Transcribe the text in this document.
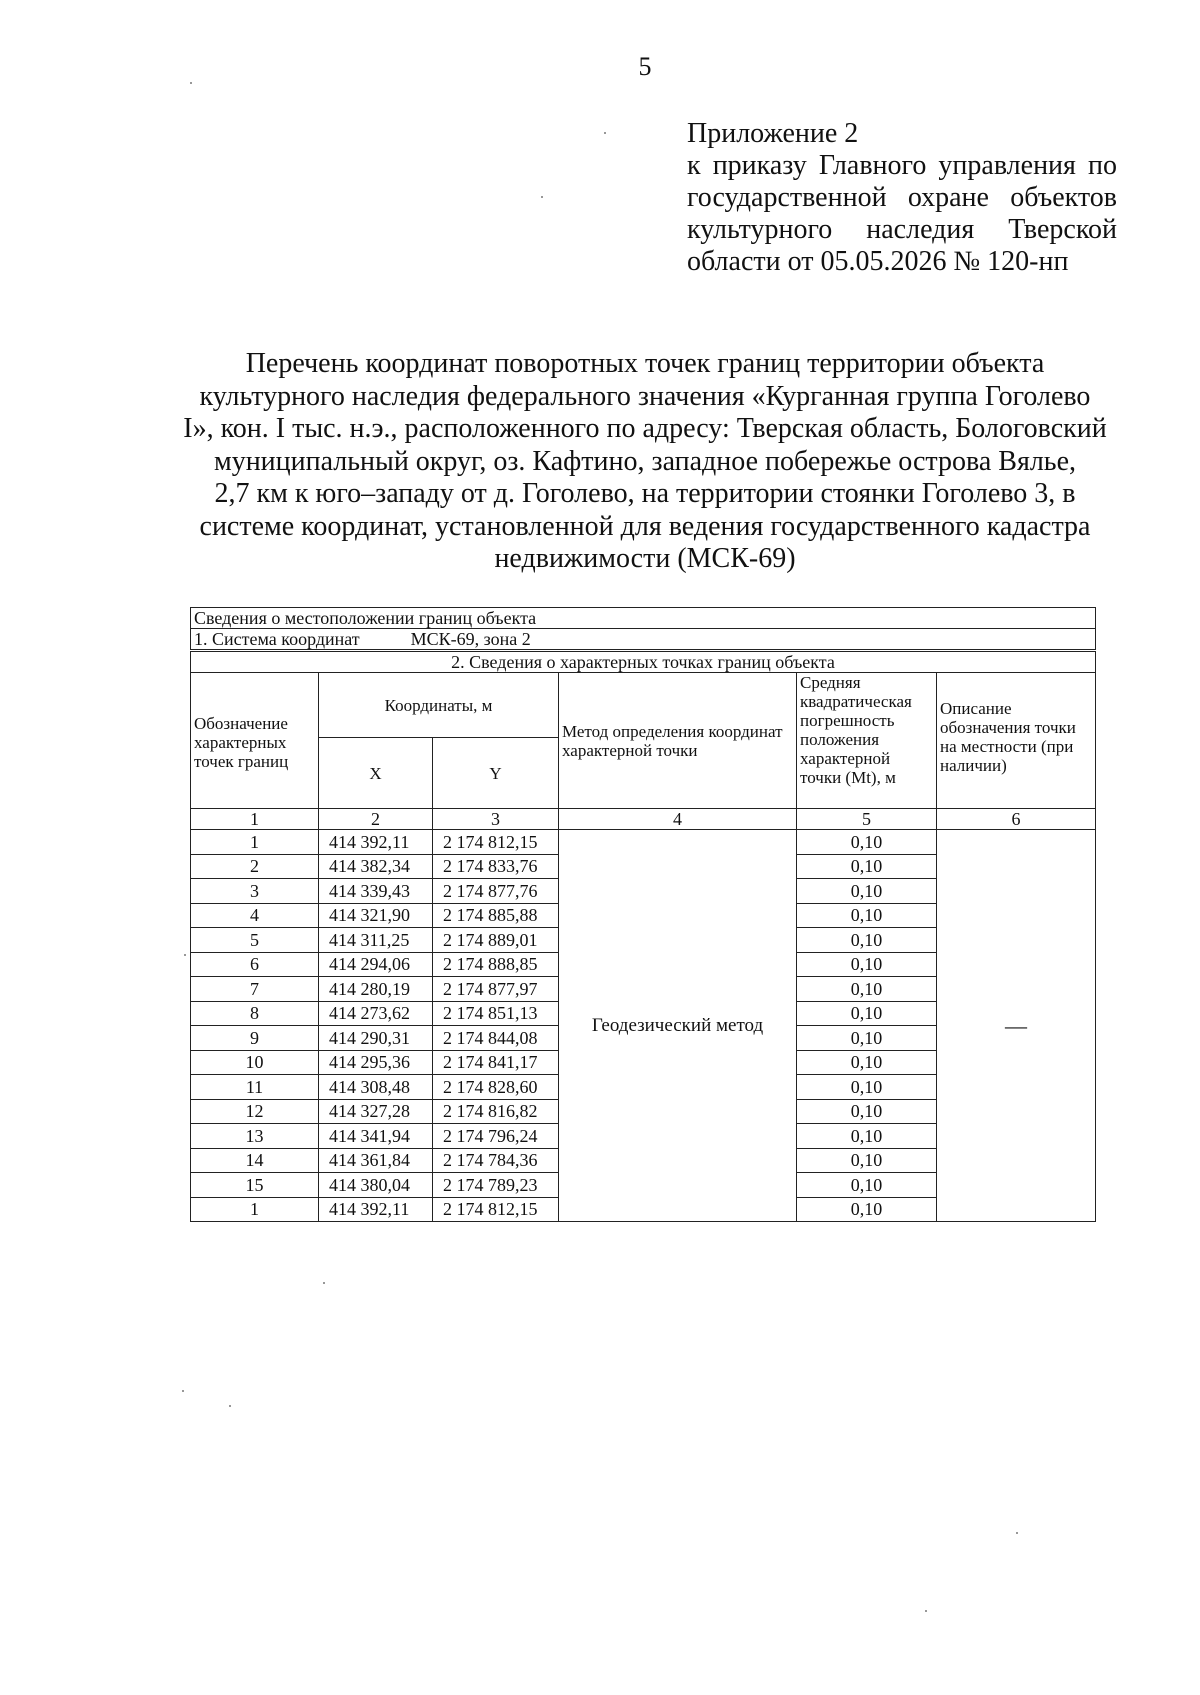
5
Приложение 2
к приказу Главного управления по
государственной охране объектов
культурного наследия Тверской
области от 05.05.2026 № 120-нп
Перечень координат поворотных точек границ территории объекта
культурного наследия федерального значения «Курганная группа Гоголево
I», кон. I тыс. н.э., расположенного по адресу: Тверская область, Бологовский
муниципальный округ, оз. Кафтино, западное побережье острова Вялье,
2,7 км к юго–западу от д. Гоголево, на территории стоянки Гоголево 3, в
системе координат, установленной для ведения государственного кадастра
недвижимости (МСК-69)
Сведения о местоположении границ объекта					
1. Система координат МСК-69, зона 2					
2. Сведения о характерных точках границ объекта					
Обозначение характерных точек границ	Координаты, м		Метод определения координат характерной точки	Средняя квадратическая погрешность положения характерной точки (Mt), м	Описание обозначения точки на местности (при наличии)
	X	Y			
1	2	3	4	5	6
1	414 392,11	2 174 812,15	Геодезический метод	0,10	—
2	414 382,34	2 174 833,76		0,10	
3	414 339,43	2 174 877,76		0,10	
4	414 321,90	2 174 885,88		0,10	
5	414 311,25	2 174 889,01		0,10	
6	414 294,06	2 174 888,85		0,10	
7	414 280,19	2 174 877,97		0,10	
8	414 273,62	2 174 851,13		0,10	
9	414 290,31	2 174 844,08		0,10	
10	414 295,36	2 174 841,17		0,10	
11	414 308,48	2 174 828,60		0,10	
12	414 327,28	2 174 816,82		0,10	
13	414 341,94	2 174 796,24		0,10	
14	414 361,84	2 174 784,36		0,10	
15	414 380,04	2 174 789,23		0,10	
1	414 392,11	2 174 812,15		0,10	
